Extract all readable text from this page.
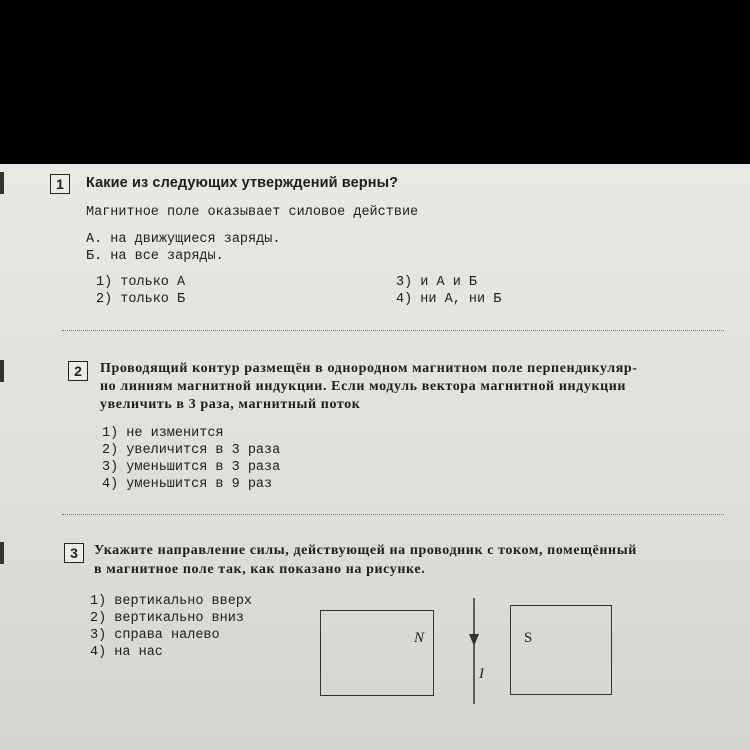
1	Какие из следующих утверждений верны?
Магнитное поле оказывает силовое действие
А. на движущиеся заряды.
Б. на все заряды.
1) только А
2) только Б
3) и А и Б
4) ни А, ни Б
2	Проводящий контур размещён в однородном магнитном поле перпендикуляр-
но линиям магнитной индукции. Если модуль вектора магнитной индукции
увеличить в 3 раза, магнитный поток
1) не изменится
2) увеличится в 3 раза
3) уменьшится в 3 раза
4) уменьшится в 9 раз
3	Укажите направление силы, действующей на проводник с током, помещённый
в магнитное поле так, как показано на рисунке.
1) вертикально вверх
2) вертикально вниз
3) справа налево
4) на нас
N
I
S
